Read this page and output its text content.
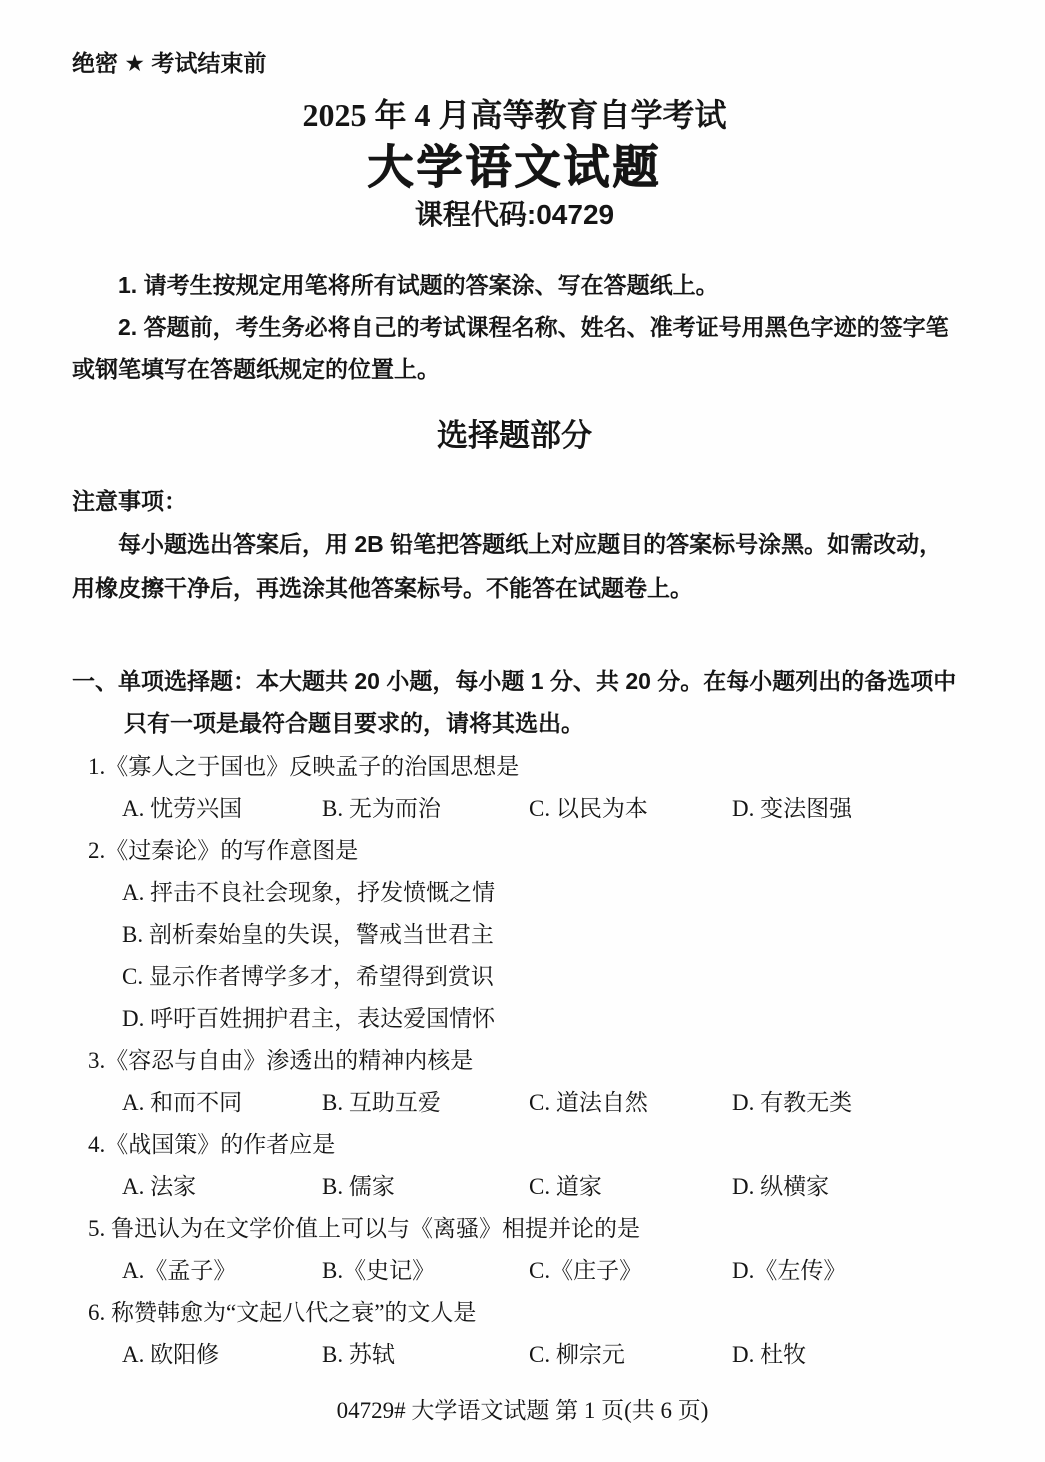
绝密 ★ 考试结束前
2025 年 4 月高等教育自学考试
大学语文试题
课程代码:04729

1. 请考生按规定用笔将所有试题的答案涂、写在答题纸上。

2. 答题前，考生务必将自己的考试课程名称、姓名、准考证号用黑色字迹的签字笔或钢笔填写在答题纸规定的位置上。

选择题部分
注意事项：

每小题选出答案后，用 2B 铅笔把答题纸上对应题目的答案标号涂黑。如需改动，用橡皮擦干净后，再选涂其他答案标号。不能答在试题卷上。

一、单项选择题：本大题共 20 小题，每小题 1 分、共 20 分。在每小题列出的备选项中只有一项是最符合题目要求的，请将其选出。
1.《寡人之于国也》反映孟子的治国思想是
A. 忧劳兴国	B. 无为而治	C. 以民为本	D. 变法图强
2.《过秦论》的写作意图是
A. 抨击不良社会现象，抒发愤慨之情
B. 剖析秦始皇的失误，警戒当世君主
C. 显示作者博学多才，希望得到赏识
D. 呼吁百姓拥护君主，表达爱国情怀
3.《容忍与自由》渗透出的精神内核是
A. 和而不同	B. 互助互爱	C. 道法自然	D. 有教无类
4.《战国策》的作者应是
A. 法家	B. 儒家	C. 道家	D. 纵横家
5. 鲁迅认为在文学价值上可以与《离骚》相提并论的是
A.《孟子》	B.《史记》	C.《庄子》	D.《左传》
6. 称赞韩愈为“文起八代之衰”的文人是
A. 欧阳修	B. 苏轼	C. 柳宗元	D. 杜牧
04729# 大学语文试题 第 1 页(共 6 页)
